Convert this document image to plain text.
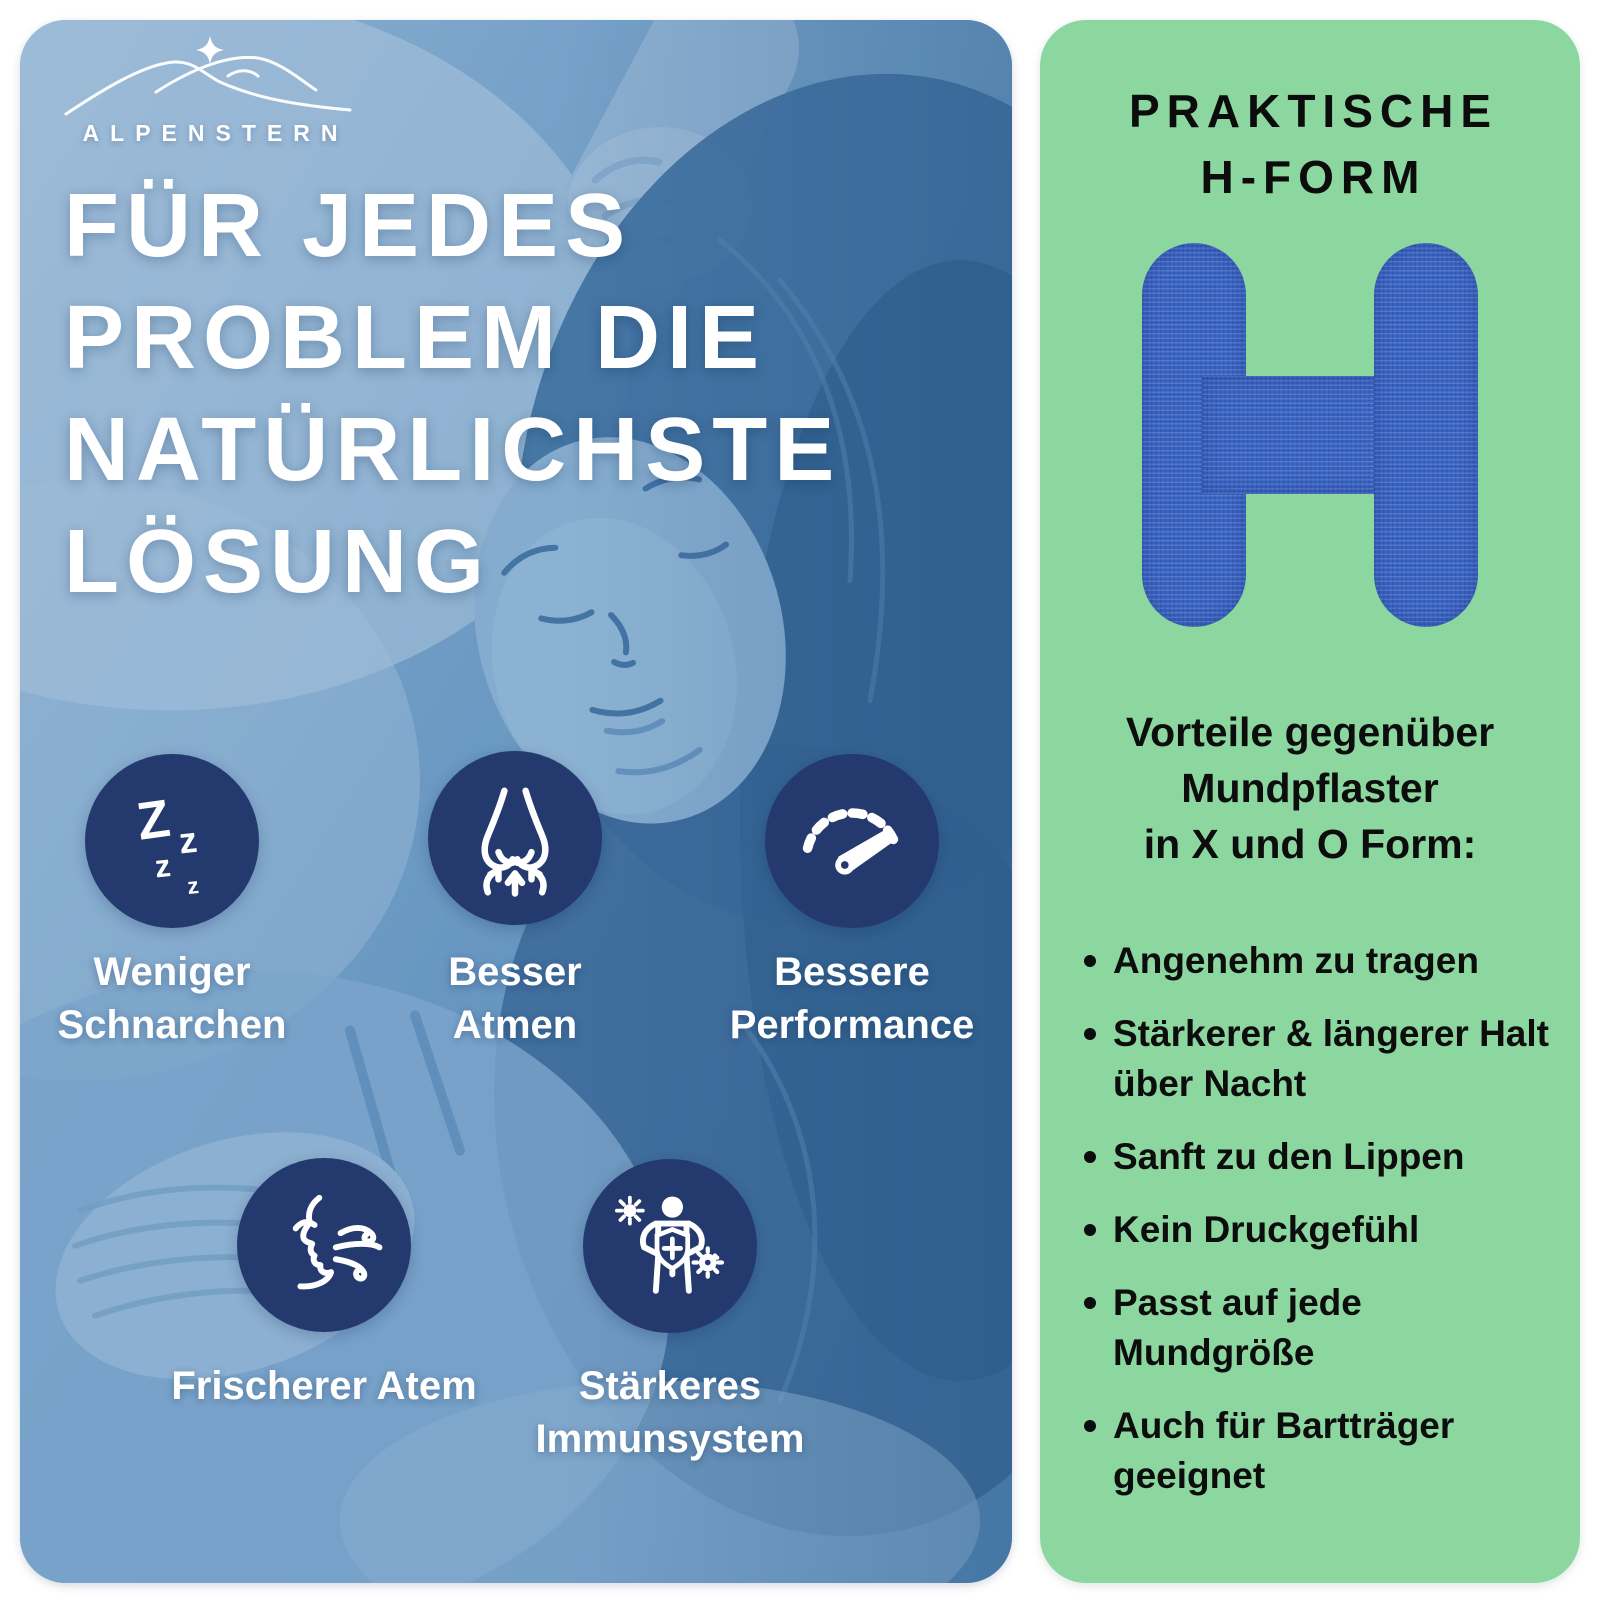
ALPENSTERN
FÜR JEDES
PROBLEM DIE
NATÜRLICHSTE
LÖSUNG
Z z
z
z
Weniger Schnarchen
Besser Atmen
Bessere Performance
Frischerer Atem	Stärkeres Immunsystem
PRAKTISCHE
H-FORM
Vorteile gegenüber
Mundpflaster
in X und O Form:
Angenehm zu tragen
Stärkerer & längerer Halt über Nacht
Sanft zu den Lippen
Kein Druckgefühl
Passt auf jede Mundgröße
Auch für Bartträger geeignet
